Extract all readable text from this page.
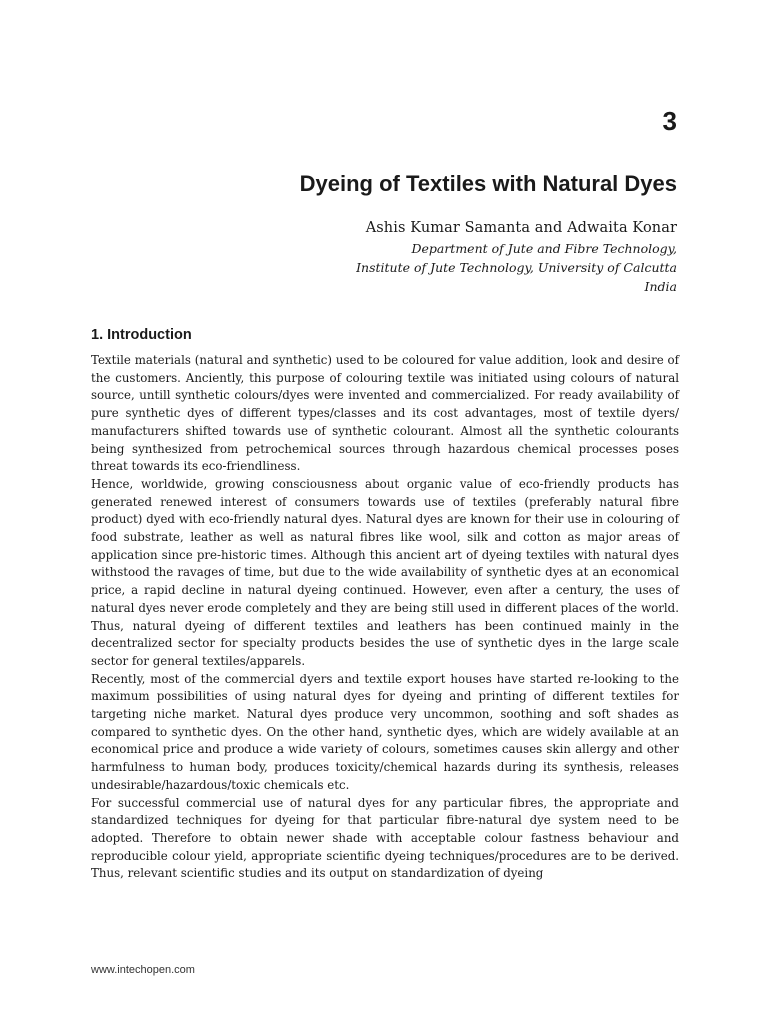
3
Dyeing of Textiles with Natural Dyes
Ashis Kumar Samanta and Adwaita Konar
Department of Jute and Fibre Technology,
Institute of Jute Technology, University of Calcutta
India
1. Introduction

Textile materials (natural and synthetic) used to be coloured for value addition, look and desire of the customers. Anciently, this purpose of colouring textile was initiated using colours of natural source, untill synthetic colours/dyes were invented and commercialized. For ready availability of pure synthetic dyes of different types/classes and its cost advantages, most of textile dyers/ manufacturers shifted towards use of synthetic colourant. Almost all the synthetic colourants being synthesized from petrochemical sources through hazardous chemical processes poses threat towards its eco-friendliness.

Hence, worldwide, growing consciousness about organic value of eco-friendly products has generated renewed interest of consumers towards use of textiles (preferably natural fibre product) dyed with eco-friendly natural dyes. Natural dyes are known for their use in colouring of food substrate, leather as well as natural fibres like wool, silk and cotton as major areas of application since pre-historic times. Although this ancient art of dyeing textiles with natural dyes withstood the ravages of time, but due to the wide availability of synthetic dyes at an economical price, a rapid decline in natural dyeing continued. However, even after a century, the uses of natural dyes never erode completely and they are being still used in different places of the world. Thus, natural dyeing of different textiles and leathers has been continued mainly in the decentralized sector for specialty products besides the use of synthetic dyes in the large scale sector for general textiles/apparels.

Recently, most of the commercial dyers and textile export houses have started re-looking to the maximum possibilities of using natural dyes for dyeing and printing of different textiles for targeting niche market. Natural dyes produce very uncommon, soothing and soft shades as compared to synthetic dyes. On the other hand, synthetic dyes, which are widely available at an economical price and produce a wide variety of colours, sometimes causes skin allergy and other harmfulness to human body, produces toxicity/chemical hazards during its synthesis, releases undesirable/hazardous/toxic chemicals etc.

For successful commercial use of natural dyes for any particular fibres, the appropriate and standardized techniques for dyeing for that particular fibre-natural dye system need to be adopted. Therefore to obtain newer shade with acceptable colour fastness behaviour and reproducible colour yield, appropriate scientific dyeing techniques/procedures are to be derived. Thus, relevant scientific studies and its output on standardization of dyeing

www.intechopen.com
